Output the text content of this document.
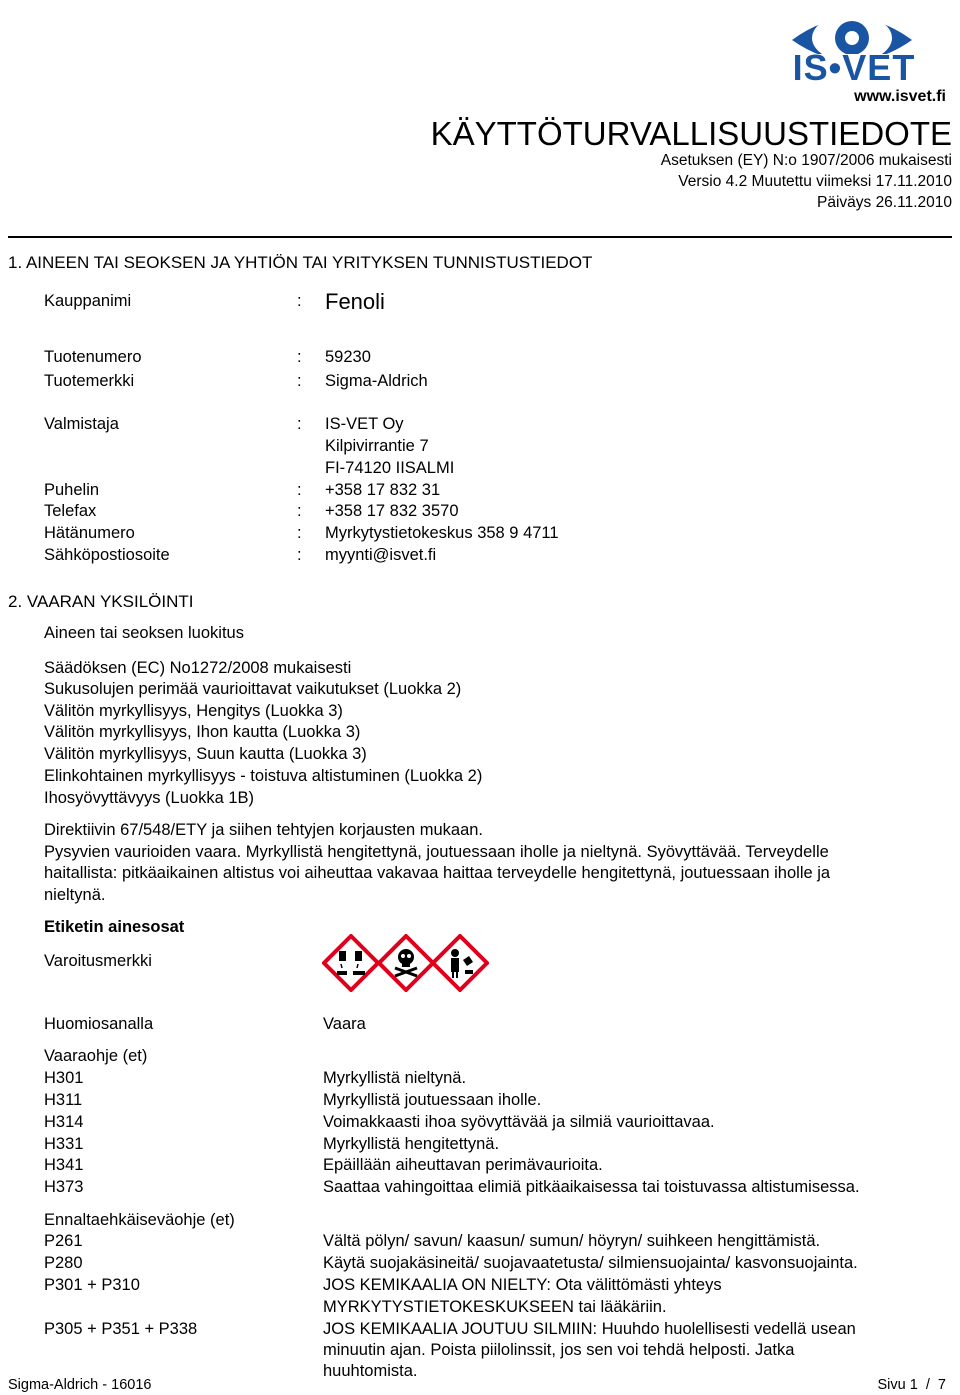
IS•VET
www.isvet.fi
KÄYTTÖTURVALLISUUSTIEDOTE
Asetuksen (EY) N:o 1907/2006 mukaisesti
Versio 4.2 Muutettu viimeksi 17.11.2010
Päiväys 26.11.2010
1. AINEEN TAI SEOKSEN JA YHTIÖN TAI YRITYKSEN TUNNISTUSTIEDOT
Kauppanimi	: Fenoli
Tuotenumero	: 59230
Tuotemerkki	: Sigma-Aldrich
Valmistaja	: IS-VET Oy
Kilpivirrantie 7
FI-74120 IISALMI
Puhelin	: +358 17 832 31
Telefax	: +358 17 832 3570
Hätänumero	: Myrkytystietokeskus 358 9 4711
Sähköpostiosoite	: myynti@isvet.fi
2. VAARAN YKSILÖINTI
Aineen tai seoksen luokitus
Säädöksen (EC) No1272/2008 mukaisesti
Sukusolujen perimää vaurioittavat vaikutukset (Luokka 2)
Välitön myrkyllisyys, Hengitys (Luokka 3)
Välitön myrkyllisyys, Ihon kautta (Luokka 3)
Välitön myrkyllisyys, Suun kautta (Luokka 3)
Elinkohtainen myrkyllisyys - toistuva altistuminen (Luokka 2)
Ihosyövyttävyys (Luokka 1B)
Direktiivin 67/548/ETY ja siihen tehtyjen korjausten mukaan.
Pysyvien vaurioiden vaara. Myrkyllistä hengitettynä, joutuessaan iholle ja nieltynä. Syövyttävää. Terveydelle
haitallista: pitkäaikainen altistus voi aiheuttaa vakavaa haittaa terveydelle hengitettynä, joutuessaan iholle ja
nieltynä.
Etiketin ainesosat
Varoitusmerkki
Huomiosanalla	Vaara
Vaaraohje (et)
H301	Myrkyllistä nieltynä.
H311	Myrkyllistä joutuessaan iholle.
H314	Voimakkaasti ihoa syövyttävää ja silmiä vaurioittavaa.
H331	Myrkyllistä hengitettynä.
H341	Epäillään aiheuttavan perimävaurioita.
H373	Saattaa vahingoittaa elimiä pitkäaikaisessa tai toistuvassa altistumisessa.
Ennaltaehkäiseväohje (et)
P261	Vältä pölyn/ savun/ kaasun/ sumun/ höyryn/ suihkeen hengittämistä.
P280	Käytä suojakäsineitä/ suojavaatetusta/ silmiensuojainta/ kasvonsuojainta.
P301 + P310	JOS KEMIKAALIA ON NIELTY: Ota välittömästi yhteys
MYRKYTYSTIETOKESKUKSEEN tai lääkäriin.
P305 + P351 + P338	JOS KEMIKAALIA JOUTUU SILMIIN: Huuhdo huolellisesti vedellä usean
minuutin ajan. Poista piilolinssit, jos sen voi tehdä helposti. Jatka
huuhtomista.
Sigma-Aldrich - 16016	Sivu 1  /  7
